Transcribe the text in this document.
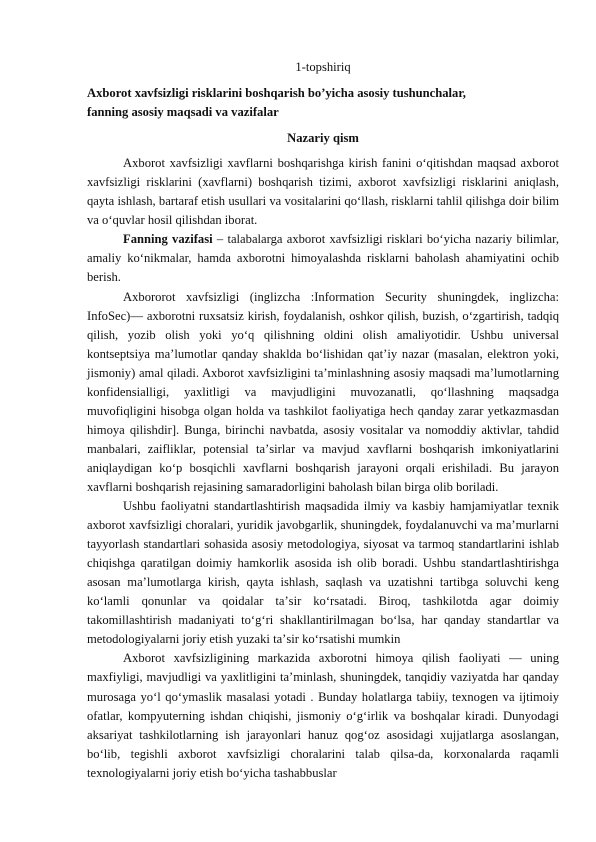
1-topshiriq

Axborot xavfsizligi risklarini boshqarish bo’yicha asosiy tushunchalar,
fanning asosiy maqsadi va vazifalar

Nazariy qism

Axborot xavfsizligi xavflarni boshqarishga kirish fanini oʻqitishdan maqsad axborot xavfsizligi risklarini (xavflarni) boshqarish tizimi, axborot xavfsizligi risklarini aniqlash, qayta ishlash, bartaraf etish usullari va vositalarini qoʻllash, risklarni tahlil qilishga doir bilim va oʻquvlar hosil qilishdan iborat.

Fanning vazifasi – talabalarga axborot xavfsizligi risklari boʻyicha nazariy bilimlar, amaliy koʻnikmalar, hamda axborotni himoyalashda risklarni baholash ahamiyatini ochib berish.

Axbororot xavfsizligi (inglizcha :Information Security shuningdek, inglizcha: InfoSec)— axborotni ruxsatsiz kirish, foydalanish, oshkor qilish, buzish, oʻzgartirish, tadqiq qilish, yozib olish yoki yoʻq qilishning oldini olish amaliyotidir. Ushbu universal kontseptsiya maʼlumotlar qanday shaklda boʻlishidan qatʼiy nazar (masalan, elektron yoki, jismoniy) amal qiladi. Axborot xavfsizligini taʼminlashning asosiy maqsadi maʼlumotlarning konfidensialligi, yaxlitligi va mavjudligini muvozanatli, qoʻllashning maqsadga muvofiqligini hisobga olgan holda va tashkilot faoliyatiga hech qanday zarar yetkazmasdan himoya qilishdir]. Bunga, birinchi navbatda, asosiy vositalar va nomoddiy aktivlar, tahdid manbalari, zaifliklar, potensial taʼsirlar va mavjud xavflarni boshqarish imkoniyatlarini aniqlaydigan koʻp bosqichli xavflarni boshqarish jarayoni orqali erishiladi. Bu jarayon xavflarni boshqarish rejasining samaradorligini baholash bilan birga olib boriladi.

Ushbu faoliyatni standartlashtirish maqsadida ilmiy va kasbiy hamjamiyatlar texnik axborot xavfsizligi choralari, yuridik javobgarlik, shuningdek, foydalanuvchi va maʼmurlarni tayyorlash standartlari sohasida asosiy metodologiya, siyosat va tarmoq standartlarini ishlab chiqishga qaratilgan doimiy hamkorlik asosida ish olib boradi. Ushbu standartlashtirishga asosan maʼlumotlarga kirish, qayta ishlash, saqlash va uzatishni tartibga soluvchi keng koʻlamli qonunlar va qoidalar taʼsir koʻrsatadi. Biroq, tashkilotda agar doimiy takomillashtirish madaniyati toʻgʻri shakllantirilmagan boʻlsa, har qanday standartlar va metodologiyalarni joriy etish yuzaki taʼsir koʻrsatishi mumkin

Axborot xavfsizligining markazida axborotni himoya qilish faoliyati — uning maxfiyligi, mavjudligi va yaxlitligini taʼminlash, shuningdek, tanqidiy vaziyatda har qanday murosaga yoʻl qoʻymaslik masalasi yotadi . Bunday holatlarga tabiiy, texnogen va ijtimoiy ofatlar, kompyuterning ishdan chiqishi, jismoniy oʻgʻirlik va boshqalar kiradi. Dunyodagi aksariyat tashkilotlarning ish jarayonlari hanuz qogʻoz asosidagi xujjatlarga asoslangan, boʻlib, tegishli axborot xavfsizligi choralarini talab qilsa-da, korxonalarda raqamli texnologiyalarni joriy etish boʻyicha tashabbuslar
